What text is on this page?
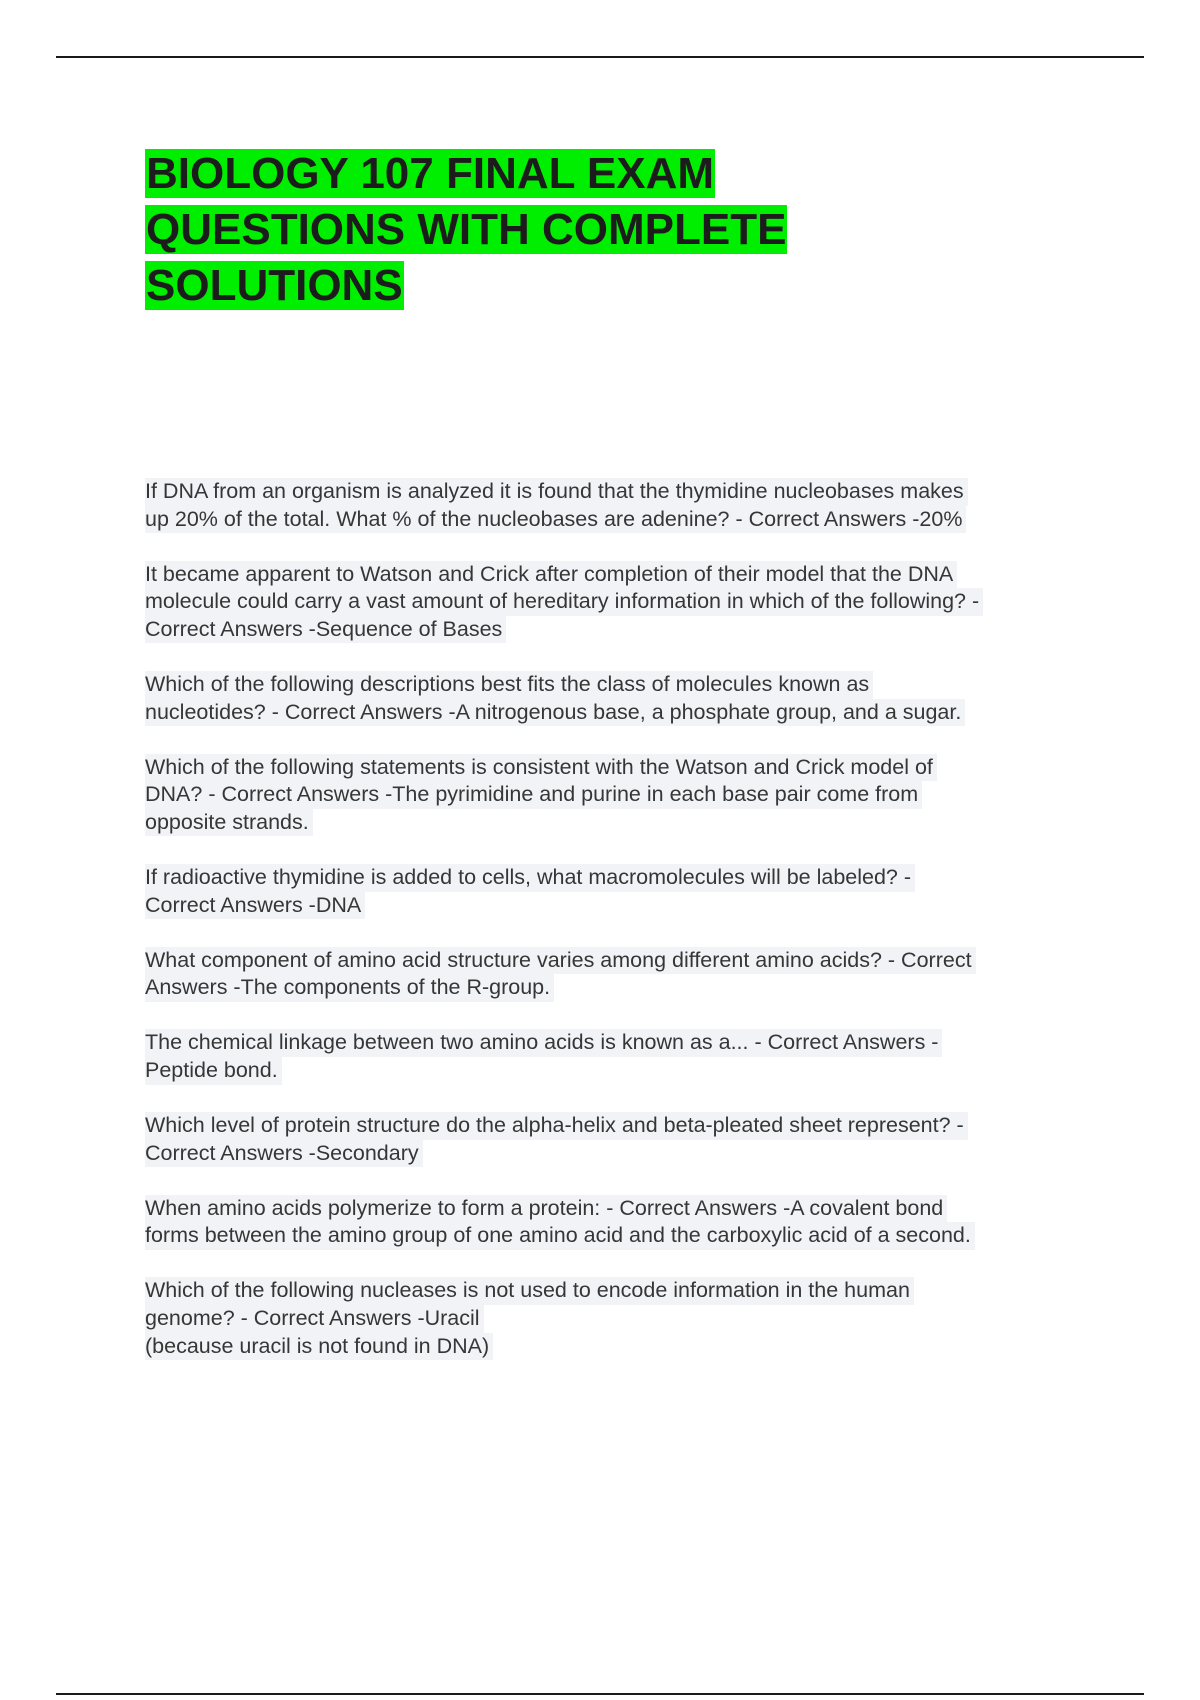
BIOLOGY 107 FINAL EXAM
QUESTIONS WITH COMPLETE
SOLUTIONS
If DNA from an organism is analyzed it is found that the thymidine nucleobases makes
up 20% of the total. What % of the nucleobases are adenine? - Correct Answers -20%
It became apparent to Watson and Crick after completion of their model that the DNA
molecule could carry a vast amount of hereditary information in which of the following? -
Correct Answers -Sequence of Bases
Which of the following descriptions best fits the class of molecules known as
nucleotides? - Correct Answers -A nitrogenous base, a phosphate group, and a sugar.
Which of the following statements is consistent with the Watson and Crick model of
DNA? - Correct Answers -The pyrimidine and purine in each base pair come from
opposite strands.
If radioactive thymidine is added to cells, what macromolecules will be labeled? -
Correct Answers -DNA
What component of amino acid structure varies among different amino acids? - Correct
Answers -The components of the R-group.
The chemical linkage between two amino acids is known as a... - Correct Answers -
Peptide bond.
Which level of protein structure do the alpha-helix and beta-pleated sheet represent? -
Correct Answers -Secondary
When amino acids polymerize to form a protein: - Correct Answers -A covalent bond
forms between the amino group of one amino acid and the carboxylic acid of a second.
Which of the following nucleases is not used to encode information in the human
genome? - Correct Answers -Uracil
(because uracil is not found in DNA)
